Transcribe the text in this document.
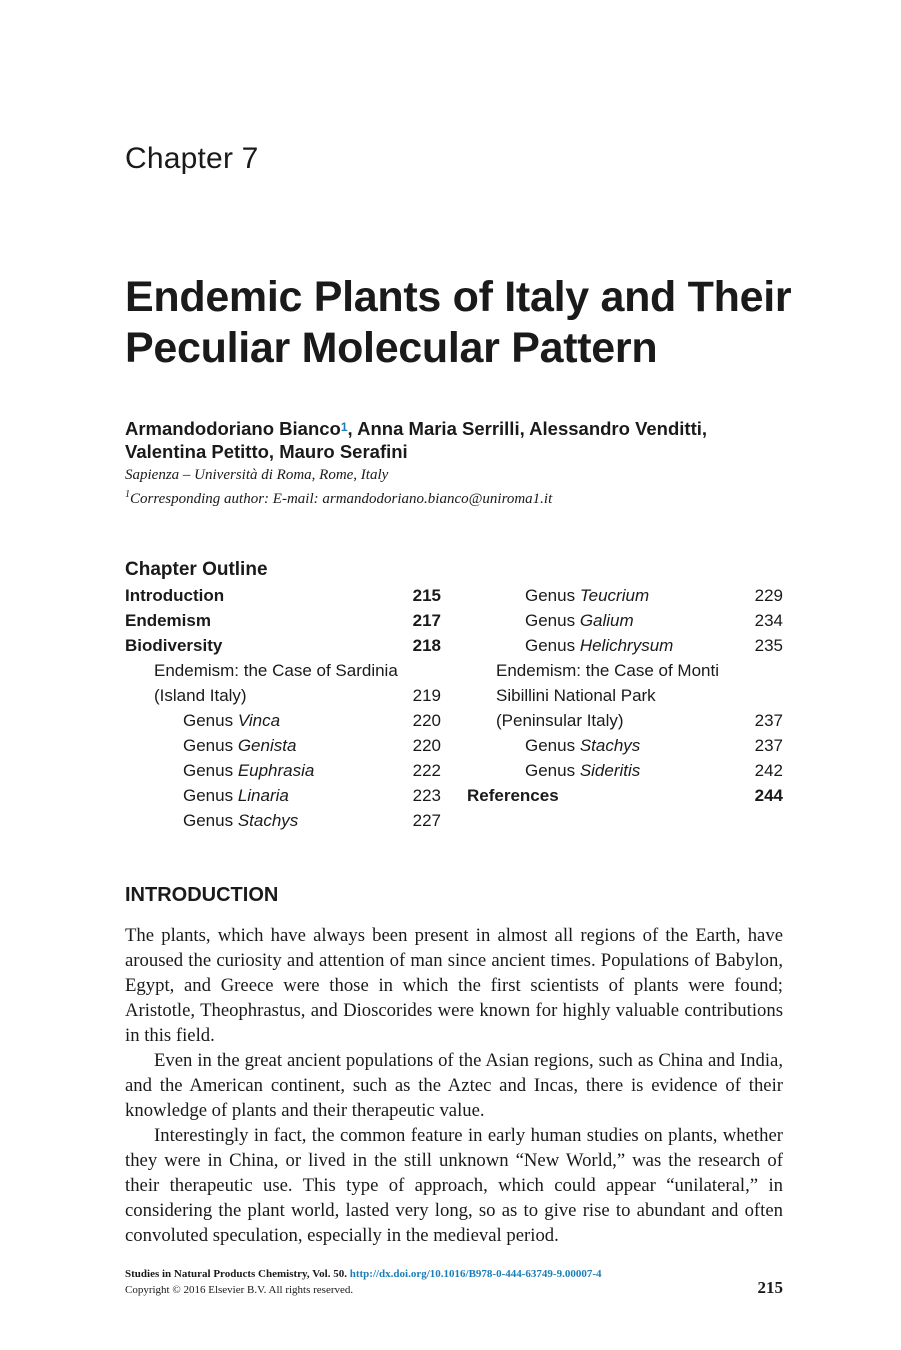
Chapter 7
Endemic Plants of Italy and Their
Peculiar Molecular Pattern
Armandodoriano Bianco$^1$, Anna Maria Serrilli, Alessandro Venditti,
Valentina Petitto, Mauro Serafini
Sapienza – Università di Roma, Rome, Italy
$^1$Corresponding author: E-mail: armandodoriano.bianco@uniroma1.it
Chapter Outline
Introduction	215
Endemism	217
Biodiversity	218
Endemism: the Case of Sardinia
(Island Italy)	219
Genus Vinca	220
Genus Genista	220
Genus Euphrasia	222
Genus Linaria	223
Genus Stachys	227
Genus Teucrium	229
Genus Galium	234
Genus Helichrysum	235
Endemism: the Case of Monti
Sibillini National Park
(Peninsular Italy)	237
Genus Stachys	237
Genus Sideritis	242
References	244
INTRODUCTION

The plants, which have always been present in almost all regions of the Earth, have aroused the curiosity and attention of man since ancient times. Populations of Babylon, Egypt, and Greece were those in which the first scientists of plants were found; Aristotle, Theophrastus, and Dioscorides were known for highly valuable contributions in this field.

Even in the great ancient populations of the Asian regions, such as China and India, and the American continent, such as the Aztec and Incas, there is evidence of their knowledge of plants and their therapeutic value.

Interestingly in fact, the common feature in early human studies on plants, whether they were in China, or lived in the still unknown “New World,” was the research of their therapeutic use. This type of approach, which could appear “unilateral,” in considering the plant world, lasted very long, so as to give rise to abundant and often convoluted speculation, especially in the medieval period.

Studies in Natural Products Chemistry, Vol. 50. http://dx.doi.org/10.1016/B978-0-444-63749-9.00007-4
Copyright © 2016 Elsevier B.V. All rights reserved.	215
